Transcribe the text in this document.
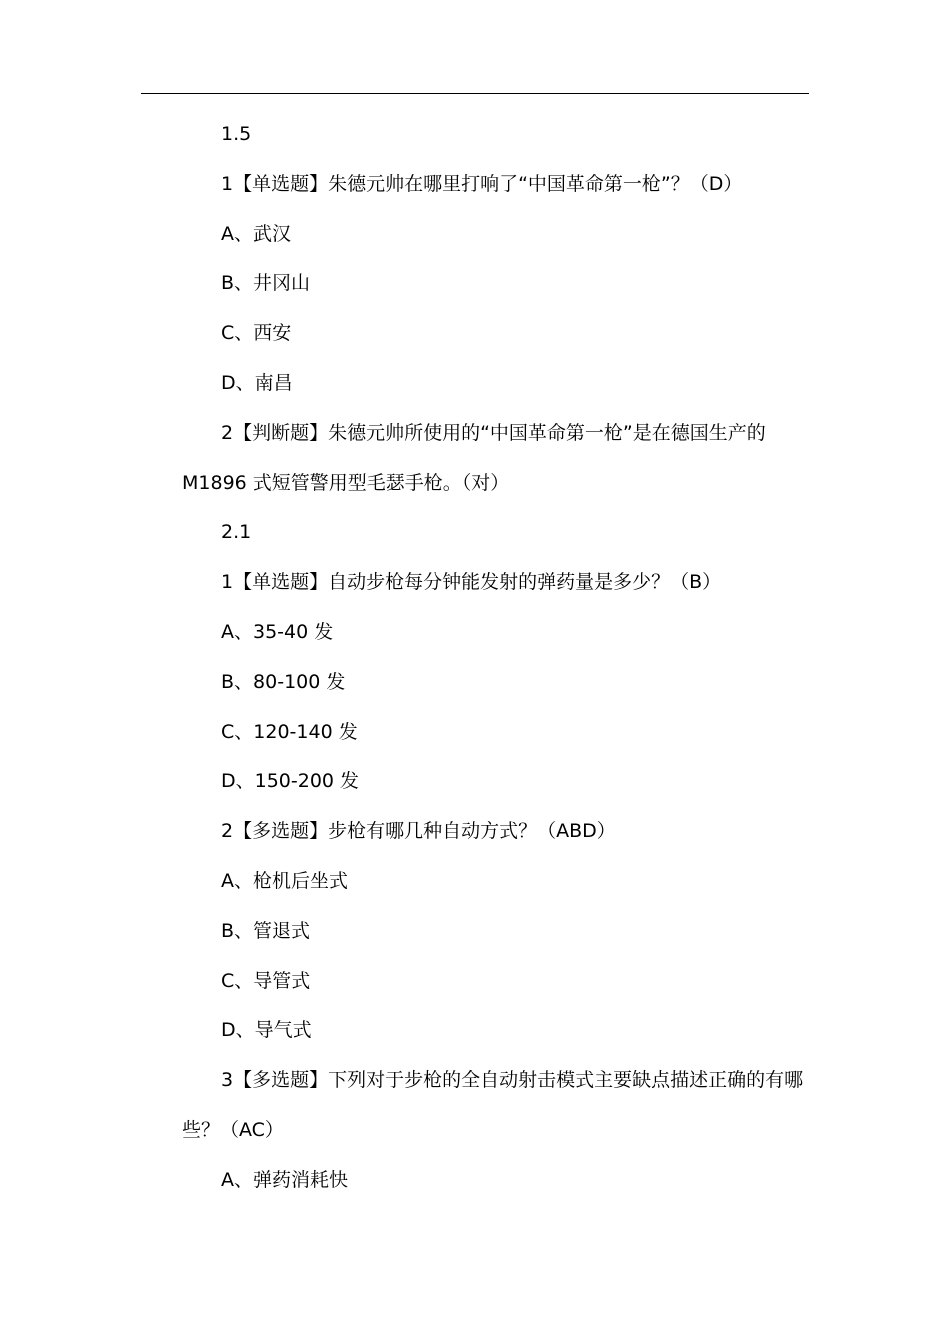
1.5
1【单选题】朱德元帅在哪里打响了“中国革命第一枪”？（D）
A、武汉
B、井冈山
C、西安
D、南昌
2【判断题】朱德元帅所使用的“中国革命第一枪”是在德国生产的
M1896 式短管警用型毛瑟手枪。（对）
2.1
1【单选题】自动步枪每分钟能发射的弹药量是多少？（B）
A、35-40 发
B、80-100 发
C、120-140 发
D、150-200 发
2【多选题】步枪有哪几种自动方式？（ABD）
A、枪机后坐式
B、管退式
C、导管式
D、导气式
3【多选题】下列对于步枪的全自动射击模式主要缺点描述正确的有哪
些？（AC）
A、弹药消耗快
